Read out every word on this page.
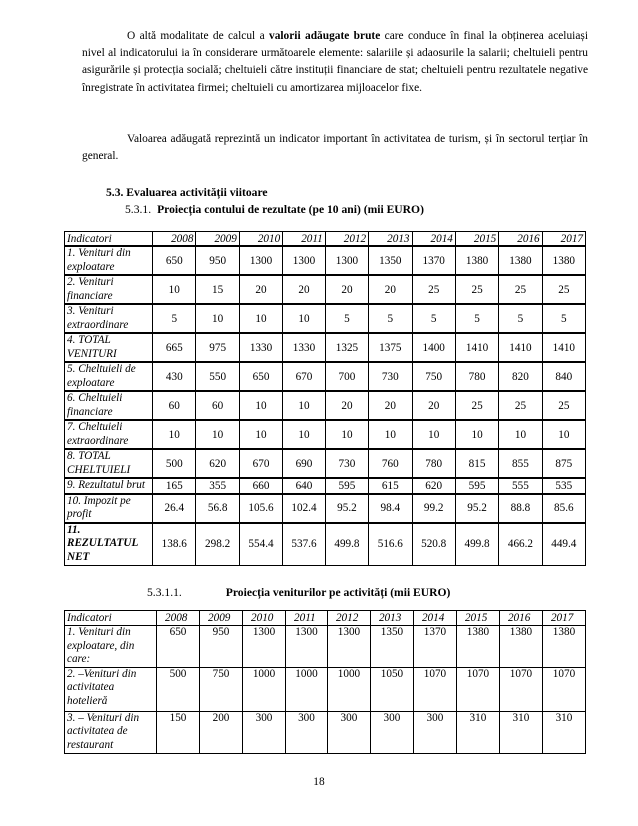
O altă modalitate de calcul a valorii adăugate brute care conduce în final la obținerea aceluiași nivel al indicatorului ia în considerare următoarele elemente: salariile și adaosurile la salarii; cheltuieli pentru asigurările și protecția socială; cheltuieli către instituții financiare de stat; cheltuieli pentru rezultatele negative înregistrate în activitatea firmei; cheltuieli cu amortizarea mijloacelor fixe.
Valoarea adăugată reprezintă un indicator important în activitatea de turism, și în sectorul terțiar în general.
5.3. Evaluarea activității viitoare
5.3.1. Proiecția contului de rezultate (pe 10 ani) (mii EURO)
Indicatori	2008	2009	2010	2011	2012	2013	2014	2015	2016	2017
1. Venituri din exploatare	650	950	1300	1300	1300	1350	1370	1380	1380	1380
2. Venituri financiare	10	15	20	20	20	20	25	25	25	25
3. Venituri extraordinare	5	10	10	10	5	5	5	5	5	5
4. TOTAL VENITURI	665	975	1330	1330	1325	1375	1400	1410	1410	1410
5. Cheltuieli de exploatare	430	550	650	670	700	730	750	780	820	840
6. Cheltuieli financiare	60	60	10	10	20	20	20	25	25	25
7. Cheltuieli extraordinare	10	10	10	10	10	10	10	10	10	10
8. TOTAL CHELTUIELI	500	620	670	690	730	760	780	815	855	875
9. Rezultatul brut	165	355	660	640	595	615	620	595	555	535
10. Impozit pe profit	26.4	56.8	105.6	102.4	95.2	98.4	99.2	95.2	88.8	85.6
11. REZULTATUL NET	138.6	298.2	554.4	537.6	499.8	516.6	520.8	499.8	466.2	449.4
5.3.1.1.	Proiecția veniturilor pe activități (mii EURO)
Indicatori	2008	2009	2010	2011	2012	2013	2014	2015	2016	2017
1. Venituri din exploatare, din care:	650	950	1300	1300	1300	1350	1370	1380	1380	1380
2. –Venituri din activitatea hotelieră	500	750	1000	1000	1000	1050	1070	1070	1070	1070
3. – Venituri din activitatea de restaurant	150	200	300	300	300	300	300	310	310	310
18
